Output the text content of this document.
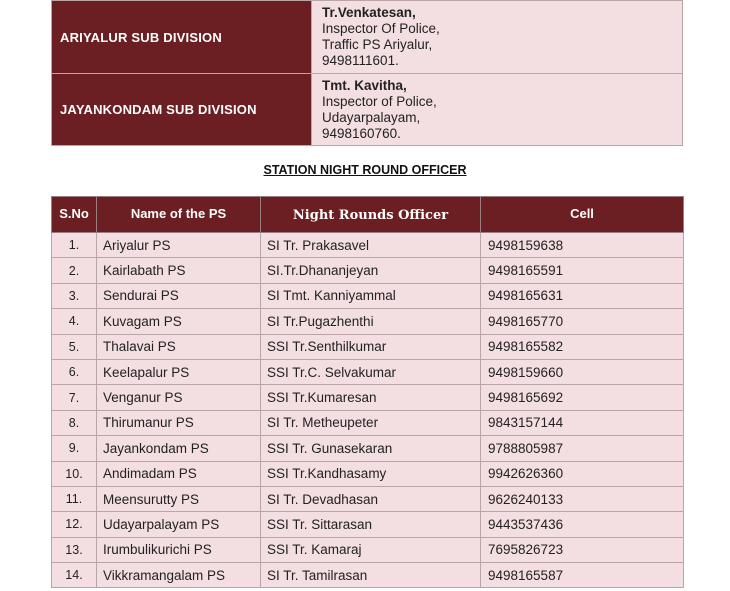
ARIYALUR SUB DIVISION	Tr.Venkatesan,
Inspector Of Police,
Traffic PS Ariyalur,
9498111601.

JAYANKONDAM SUB DIVISION	Tmt. Kavitha,
Inspector of Police,
Udayarpalayam,
9498160760.
STATION NIGHT ROUND OFFICER
S.No	Name of the PS	Night Rounds Officer	Cell
1.	Ariyalur PS	SI Tr. Prakasavel	9498159638
2.	Kairlabath PS	SI.Tr.Dhananjeyan	9498165591
3.	Sendurai PS	SI Tmt. Kanniyammal	9498165631
4.	Kuvagam PS	SI Tr.Pugazhenthi	9498165770
5.	Thalavai PS	SSI Tr.Senthilkumar	9498165582
6.	Keelapalur PS	SSI Tr.C. Selvakumar	9498159660
7.	Venganur PS	SSI Tr.Kumaresan	9498165692
8.	Thirumanur PS	SI Tr. Metheupeter	9843157144
9.	Jayankondam PS	SSI Tr. Gunasekaran	9788805987
10.	Andimadam PS	SSI Tr.Kandhasamy	9942626360
11.	Meensurutty PS	SI Tr. Devadhasan	9626240133
12.	Udayarpalayam PS	SSI Tr. Sittarasan	9443537436
13.	Irumbulikurichi PS	SSI Tr. Kamaraj	7695826723
14.	Vikkramangalam PS	SI Tr. Tamilrasan	9498165587
